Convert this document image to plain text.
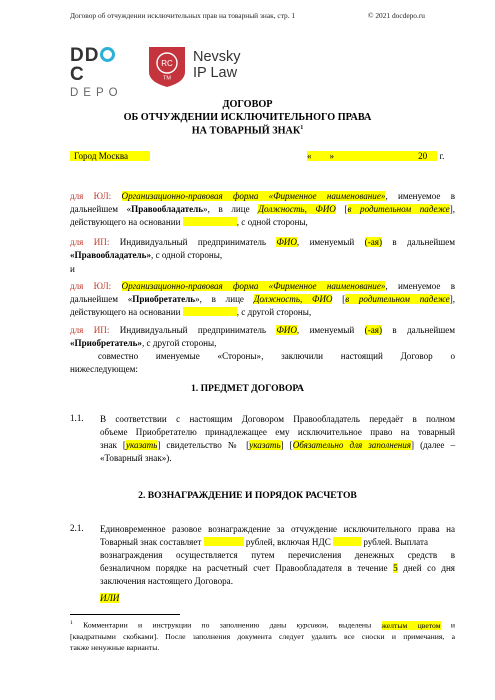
Договор об отчуждении исключительных прав на товарный знак, стр. 1	© 2021 docdepo.ru
DDC
DEPO
RC
TM
Nevsky
IP Law
ДОГОВОР
ОБ ОТЧУЖДЕНИИ ИСКЛЮЧИТЕЛЬНОГО ПРАВА
НА ТОВАРНЫЙ ЗНАК$^1$
Город Москва	« »	20 г.
для ЮЛ: Организационно-правовая форма «Фирменное наименование», именуемое в
дальнейшем «Правообладатель», в лице Должность, ФИО [в родительном падеже],
действующего на основании	, с одной стороны,
для ИП: Индивидуальный предприниматель ФИО, именуемый (-ая) в дальнейшем
«Правообладатель», с одной стороны,
и
для ЮЛ: Организационно-правовая форма «Фирменное наименование», именуемое в
дальнейшем «Приобретатель», в лице Должность, ФИО [в родительном падеже],
действующего на основании	, с другой стороны,
для ИП: Индивидуальный предприниматель ФИО, именуемый (-ая) в дальнейшем
«Приобретатель», с другой стороны,
совместно именуемые «Стороны», заключили настоящий Договор о
нижеследующем:
1. ПРЕДМЕТ ДОГОВОРА
1.1. В соответствии с настоящим Договором Правообладатель передаёт в полном
объеме Приобретателю принадлежащее ему исключительное право на товарный
знак [указать] свидетельство № [указать] [Обязательно для заполнения] (далее –
«Товарный знак»).
2. ВОЗНАГРАЖДЕНИЕ И ПОРЯДОК РАСЧЕТОВ
2.1. Единовременное разовое вознаграждение за отчуждение исключительного права на
Товарный знак составляет	рублей, включая НДС	рублей. Выплата
вознаграждения осуществляется путем перечисления денежных средств в
безналичном порядке на расчетный счет Правообладателя в течение 5 дней со дня
заключения настоящего Договора.
ИЛИ
$^1$ Комментарии и инструкции по заполнению даны курсивом, выделены желтым цветом и
[квадратными скобками]. После заполнения документа следует удалить все сноски и примечания, а
также ненужные варианты.
